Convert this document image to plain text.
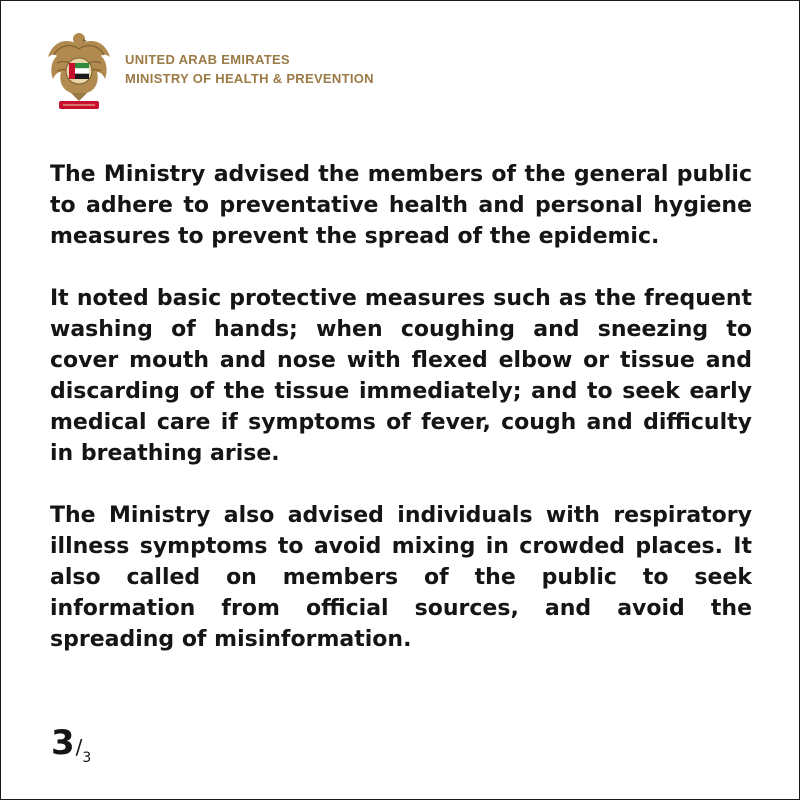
UNITED ARAB EMIRATES
MINISTRY OF HEALTH & PREVENTION

The Ministry advised the members of the general public to adhere to preventative health and personal hygiene measures to prevent the spread of the epidemic.

It noted basic protective measures such as the frequent washing of hands; when coughing and sneezing to cover mouth and nose with flexed elbow or tissue and discarding of the tissue immediately; and to seek early medical care if symptoms of fever, cough and difficulty in breathing arise.

The Ministry also advised individuals with respiratory illness symptoms to avoid mixing in crowded places. It also called on members of the public to seek information from official sources, and avoid the spreading of misinformation.

3/3
